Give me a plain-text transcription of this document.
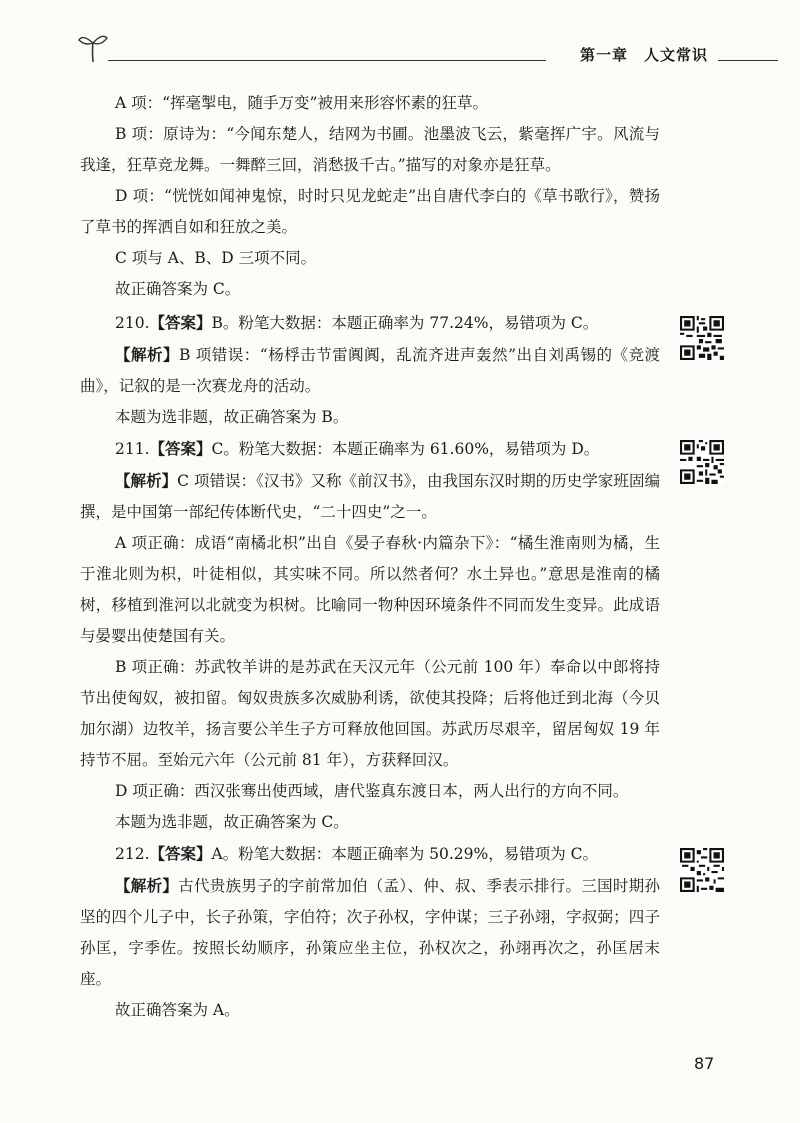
第一章　人文常识

A 项：“挥毫掣电，随手万变”被用来形容怀素的狂草。

B 项：原诗为：“今闻东楚人，结网为书圃。池墨波飞云，紫毫挥广宇。风流与我逢，狂草竞龙舞。一舞醉三回，消愁扱千古。”描写的对象亦是狂草。

D 项：“恍恍如闻神鬼惊，时时只见龙蛇走”出自唐代李白的《草书歌行》，赞扬了草书的挥洒自如和狂放之美。

C 项与 A、B、D 三项不同。

故正确答案为 C。

210.【答案】B。粉笔大数据：本题正确率为 77.24%，易错项为 C。

【解析】B 项错误：“杨桴击节雷阗阗，乱流齐进声轰然”出自刘禹锡的《竞渡曲》，记叙的是一次赛龙舟的活动。

本题为选非题，故正确答案为 B。

211.【答案】C。粉笔大数据：本题正确率为 61.60%，易错项为 D。

【解析】C 项错误：《汉书》又称《前汉书》，由我国东汉时期的历史学家班固编撰，是中国第一部纪传体断代史，“二十四史”之一。

A 项正确：成语“南橘北枳”出自《晏子春秋·内篇杂下》：“橘生淮南则为橘，生于淮北则为枳，叶徒相似，其实味不同。所以然者何？水土异也。”意思是淮南的橘树，移植到淮河以北就变为枳树。比喻同一物种因环境条件不同而发生变异。此成语与晏婴出使楚国有关。

B 项正确：苏武牧羊讲的是苏武在天汉元年（公元前 100 年）奉命以中郎将持节出使匈奴，被扣留。匈奴贵族多次威胁利诱，欲使其投降；后将他迁到北海（今贝加尔湖）边牧羊，扬言要公羊生子方可释放他回国。苏武历尽艰辛，留居匈奴 19 年持节不屈。至始元六年（公元前 81 年），方获释回汉。

D 项正确：西汉张骞出使西域，唐代鉴真东渡日本，两人出行的方向不同。

本题为选非题，故正确答案为 C。

212.【答案】A。粉笔大数据：本题正确率为 50.29%，易错项为 C。

【解析】古代贵族男子的字前常加伯（孟）、仲、叔、季表示排行。三国时期孙坚的四个儿子中，长子孙策，字伯符；次子孙权，字仲谋；三子孙翊，字叔弼；四子孙匡，字季佐。按照长幼顺序，孙策应坐主位，孙权次之，孙翊再次之，孙匡居末座。

故正确答案为 A。

87
